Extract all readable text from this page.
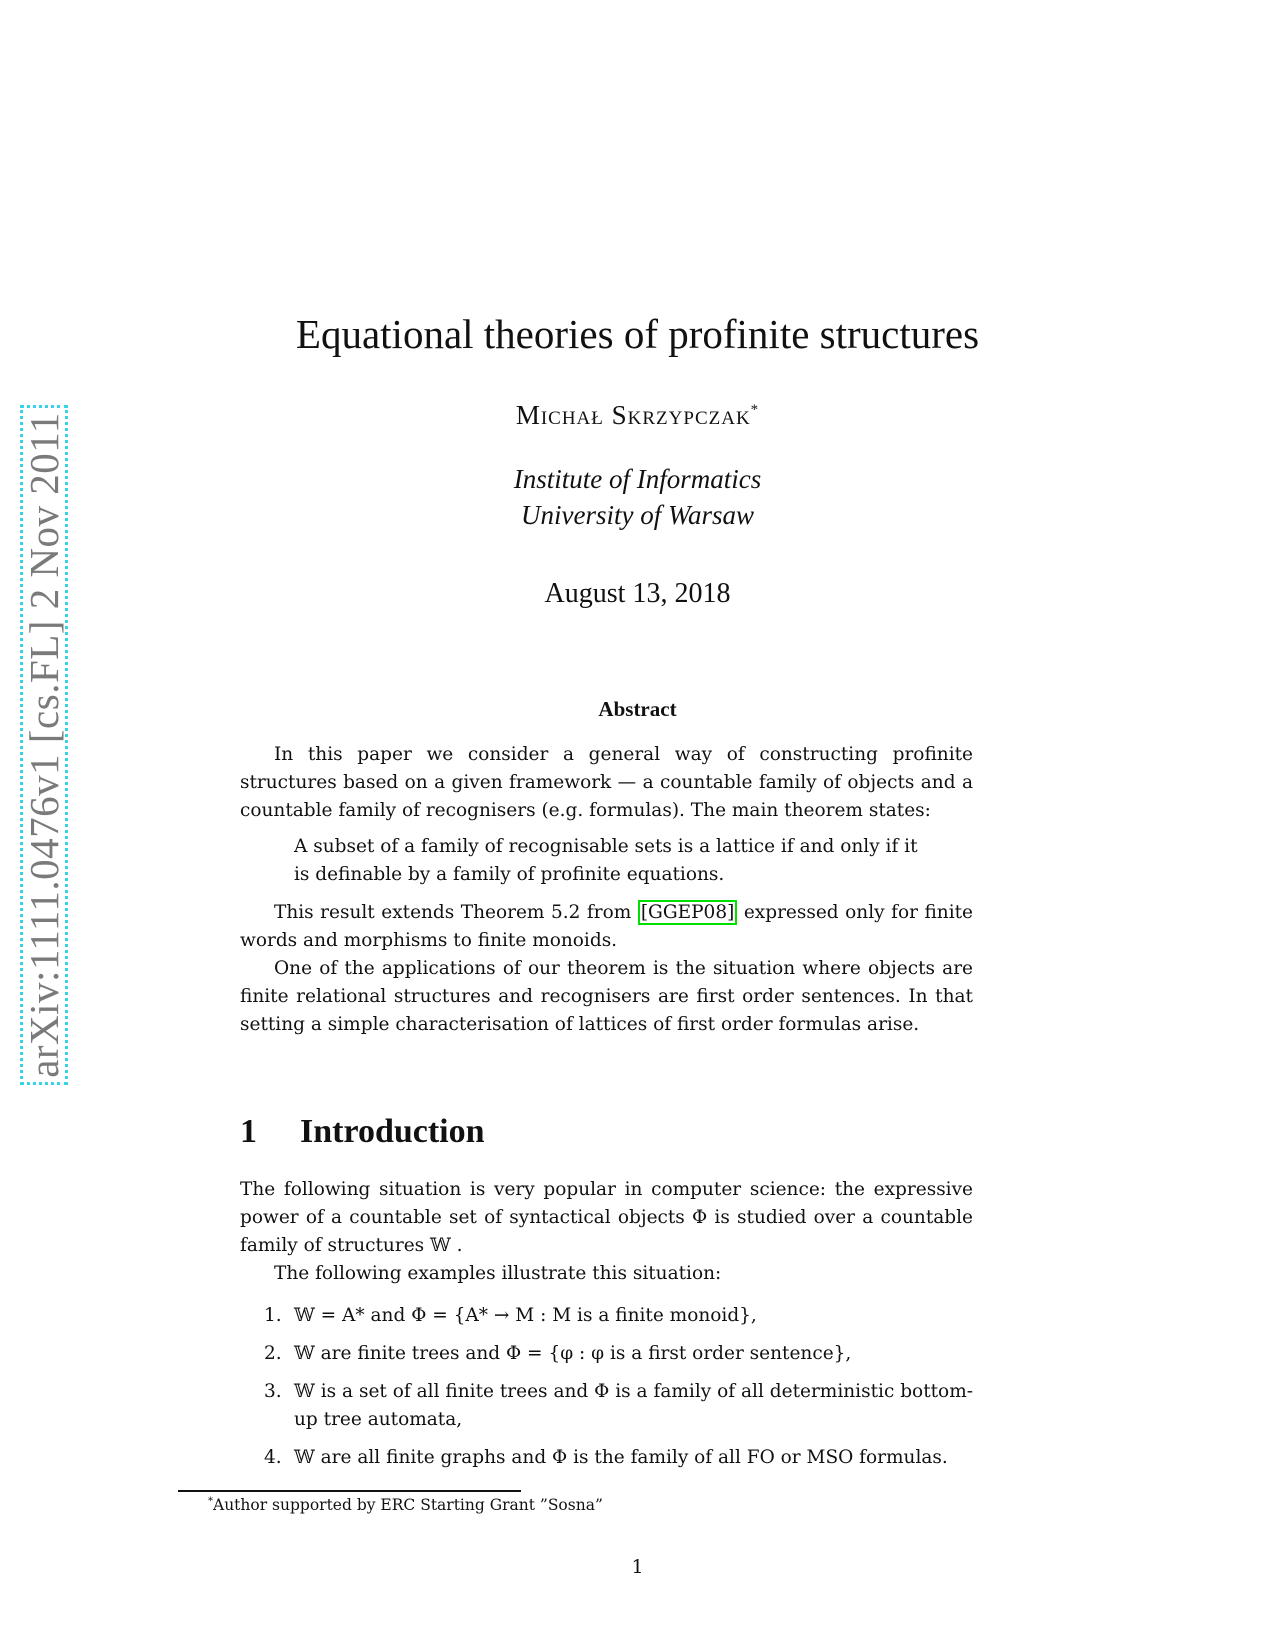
arXiv:1111.0476v1 [cs.FL] 2 Nov 2011
Equational theories of profinite structures
Michał Skrzypczak*
Institute of Informatics
University of Warsaw
August 13, 2018
Abstract

In this paper we consider a general way of constructing profinite structures based on a given framework — a countable family of objects and a countable family of recognisers (e.g. formulas). The main theorem states:

A subset of a family of recognisable sets is a lattice if and only if it is definable by a family of profinite equations.

This result extends Theorem 5.2 from [GGEP08] expressed only for finite words and morphisms to finite monoids.

One of the applications of our theorem is the situation where objects are finite relational structures and recognisers are first order sentences. In that setting a simple characterisation of lattices of first order formulas arise.

1 Introduction

The following situation is very popular in computer science: the expressive power of a countable set of syntactical objects Φ is studied over a countable family of structures 𝕎 .

The following examples illustrate this situation:

1. 𝕎 = A* and Φ = {A* → M : M is a finite monoid},
2. 𝕎 are finite trees and Φ = {φ : φ is a first order sentence},
3. 𝕎 is a set of all finite trees and Φ is a family of all deterministic bottom-up tree automata,
4. 𝕎 are all finite graphs and Φ is the family of all FO or MSO formulas.
*Author supported by ERC Starting Grant ”Sosna”
1
